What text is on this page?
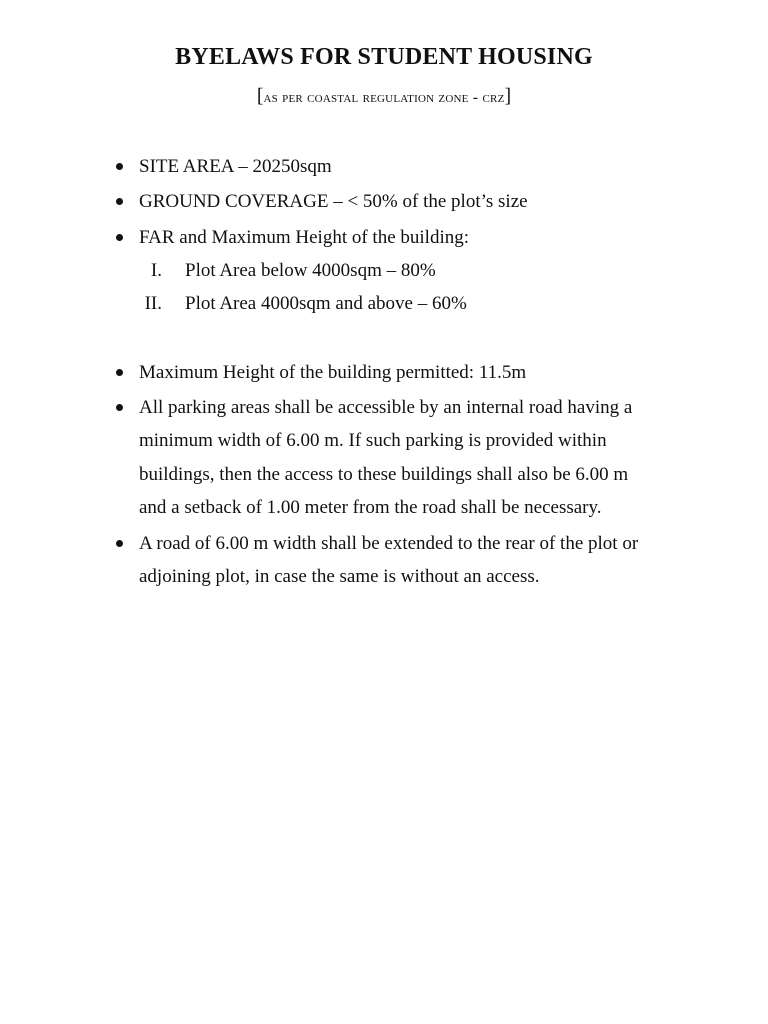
BYELAWS FOR STUDENT HOUSING

[as per coastal regulation zone - crz]

SITE AREA – 20250sqm
GROUND COVERAGE – < 50% of the plot’s size
FAR and Maximum Height of the building:
I. Plot Area below 4000sqm – 80%
II. Plot Area 4000sqm and above – 60%
Maximum Height of the building permitted: 11.5m
All parking areas shall be accessible by an internal road having a
minimum width of 6.00 m. If such parking is provided within
buildings, then the access to these buildings shall also be 6.00 m
and a setback of 1.00 meter from the road shall be necessary.
A road of 6.00 m width shall be extended to the rear of the plot or
adjoining plot, in case the same is without an access.
